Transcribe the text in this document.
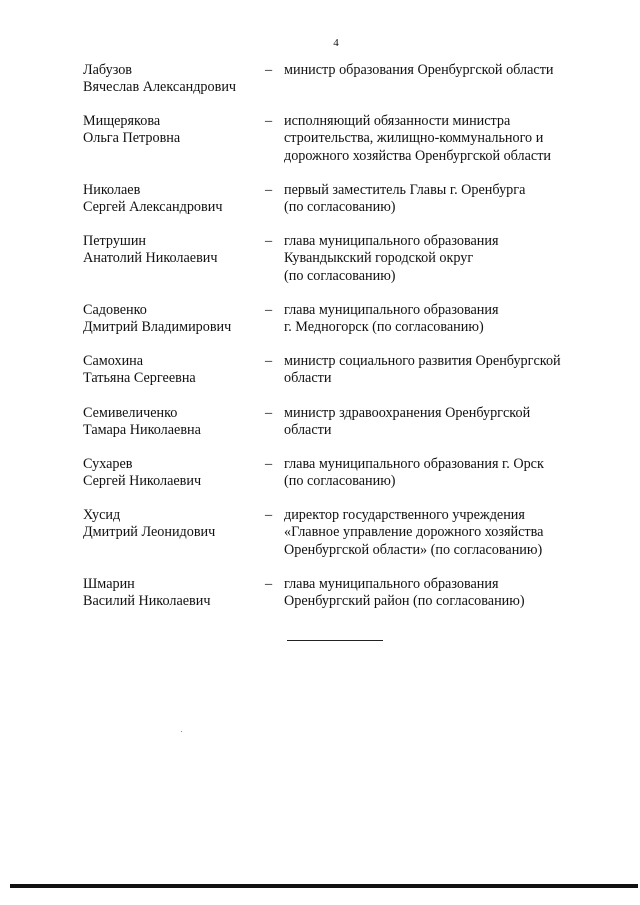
4
Лабузов
Вячеслав Александрович
– министр образования Оренбургской области
Мищерякова
Ольга Петровна
– исполняющий обязанности министра
строительства, жилищно-коммунального и
дорожного хозяйства Оренбургской области
Николаев
Сергей Александрович
– первый заместитель Главы г. Оренбурга
(по согласованию)
Петрушин
Анатолий Николаевич
– глава муниципального образования
Кувандыкский городской округ
(по согласованию)
Садовенко
Дмитрий Владимирович
– глава муниципального образования
г. Медногорск (по согласованию)
Самохина
Татьяна Сергеевна
– министр социального развития Оренбургской
области
Семивеличенко
Тамара Николаевна
– министр здравоохранения Оренбургской
области
Сухарев
Сергей Николаевич
– глава муниципального образования г. Орск
(по согласованию)
Хусид
Дмитрий Леонидович
– директор государственного учреждения
«Главное управление дорожного хозяйства
Оренбургской области» (по согласованию)
Шмарин
Василий Николаевич
– глава муниципального образования
Оренбургский район (по согласованию)
